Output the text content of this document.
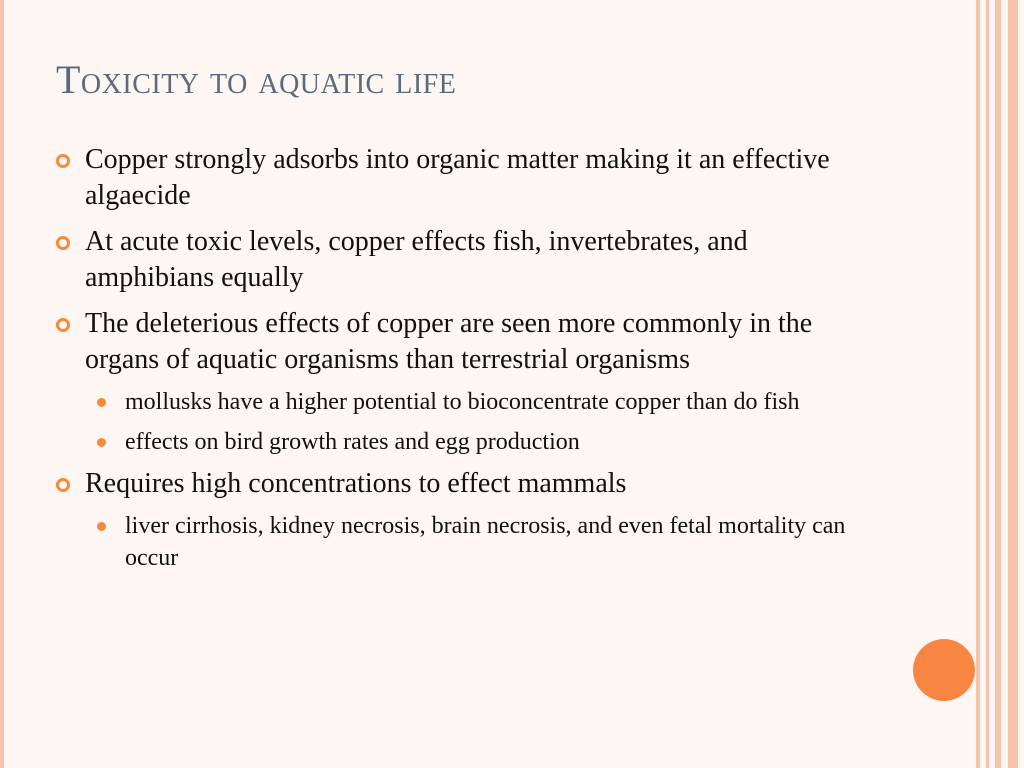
Toxicity to aquatic life
Copper strongly adsorbs into organic matter making it an effective algaecide
At acute toxic levels, copper effects fish, invertebrates, and amphibians equally
The deleterious effects of copper are seen more commonly in the organs of aquatic organisms than terrestrial organisms
mollusks have a higher potential to bioconcentrate copper than do fish
effects on bird growth rates and egg production
Requires high concentrations to effect mammals
liver cirrhosis, kidney necrosis, brain necrosis, and even fetal mortality can occur
